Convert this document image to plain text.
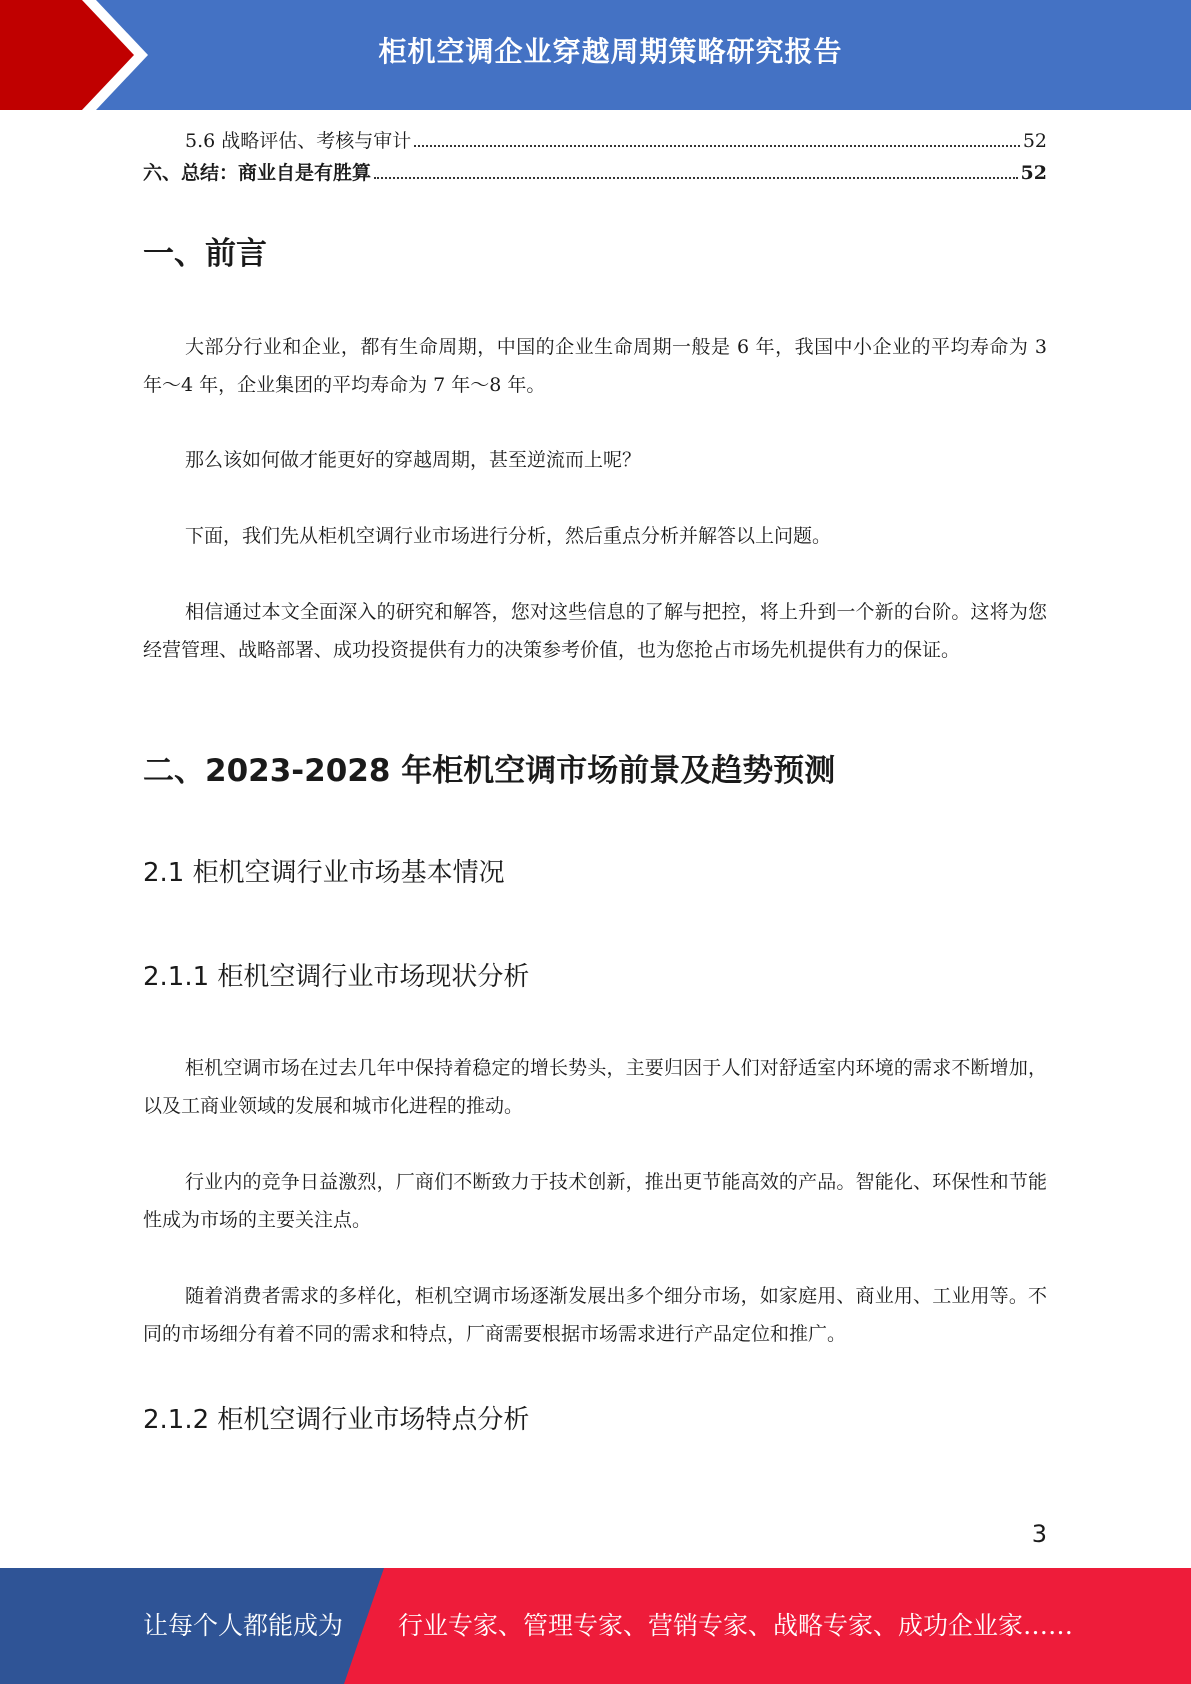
柜机空调企业穿越周期策略研究报告
5.6 战略评估、考核与审计	52
六、总结：商业自是有胜算	52
一、前言

大部分行业和企业，都有生命周期，中国的企业生命周期一般是 6 年，我国中小企业的平均寿命为 3 年～4 年，企业集团的平均寿命为 7 年～8 年。

那么该如何做才能更好的穿越周期，甚至逆流而上呢？

下面，我们先从柜机空调行业市场进行分析，然后重点分析并解答以上问题。

相信通过本文全面深入的研究和解答，您对这些信息的了解与把控，将上升到一个新的台阶。这将为您经营管理、战略部署、成功投资提供有力的决策参考价值，也为您抢占市场先机提供有力的保证。

二、2023-2028 年柜机空调市场前景及趋势预测
2.1 柜机空调行业市场基本情况
2.1.1 柜机空调行业市场现状分析

柜机空调市场在过去几年中保持着稳定的增长势头，主要归因于人们对舒适室内环境的需求不断增加，以及工商业领域的发展和城市化进程的推动。

行业内的竞争日益激烈，厂商们不断致力于技术创新，推出更节能高效的产品。智能化、环保性和节能性成为市场的主要关注点。

随着消费者需求的多样化，柜机空调市场逐渐发展出多个细分市场，如家庭用、商业用、工业用等。不同的市场细分有着不同的需求和特点，厂商需要根据市场需求进行产品定位和推广。

2.1.2 柜机空调行业市场特点分析
3
让每个人都能成为 行业专家、管理专家、营销专家、战略专家、成功企业家……
